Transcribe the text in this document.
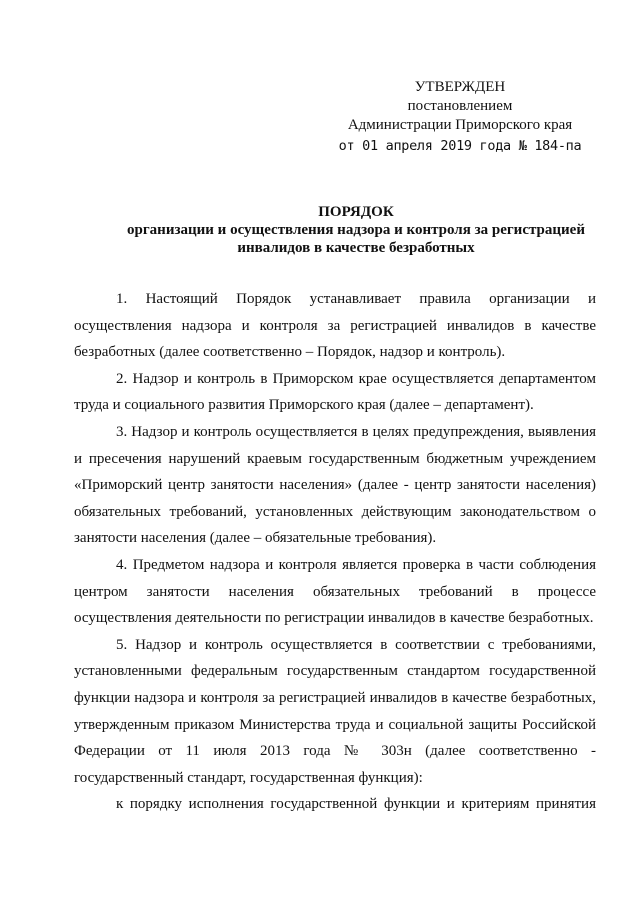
УТВЕРЖДЕН
постановлением
Администрации Приморского края
от 01 апреля 2019 года № 184-па
ПОРЯДОК
организации и осуществления надзора и контроля за регистрацией
инвалидов в качестве безработных

1. Настоящий Порядок устанавливает правила организации и осуществления надзора и контроля за регистрацией инвалидов в качестве безработных (далее соответственно – Порядок, надзор и контроль).

2. Надзор и контроль в Приморском крае осуществляется департаментом труда и социального развития Приморского края (далее – департамент).

3. Надзор и контроль осуществляется в целях предупреждения, выявления и пресечения нарушений краевым государственным бюджетным учреждением «Приморский центр занятости населения» (далее - центр занятости населения) обязательных требований, установленных действующим законодательством о занятости населения (далее – обязательные требования).

4. Предметом надзора и контроля является проверка в части соблюдения центром занятости населения обязательных требований в процессе осуществления деятельности по регистрации инвалидов в качестве безработных.

5. Надзор и контроль осуществляется в соответствии с требованиями, установленными федеральным государственным стандартом государственной функции надзора и контроля за регистрацией инвалидов в качестве безработных, утвержденным приказом Министерства труда и социальной защиты Российской Федерации от 11 июля 2013 года № 303н (далее соответственно - государственный стандарт, государственная функция):

к порядку исполнения государственной функции и критериям принятия
